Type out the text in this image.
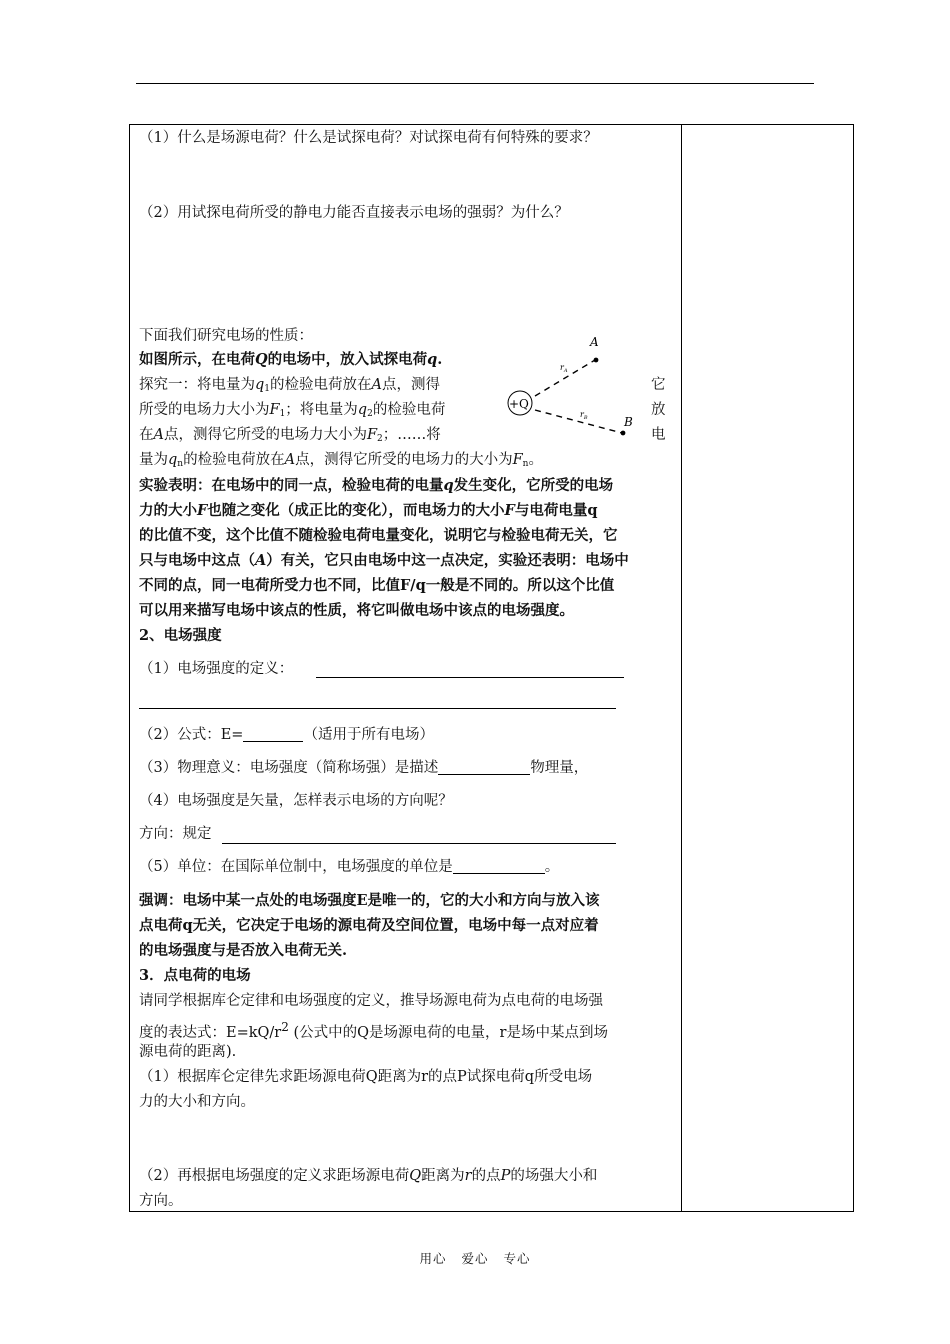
（1）什么是场源电荷？什么是试探电荷？对试探电荷有何特殊的要求？
（2）用试探电荷所受的静电力能否直接表示电场的强弱？为什么？
下面我们研究电场的性质：
如图所示，在电荷Q的电场中，放入试探电荷q.
探究一：将电量为$q_1$的检验电荷放在A点，测得
所受的电场力大小为$F_1$；将电量为$q_2$的检验电荷
在A点，测得它所受的电场力大小为$F_2$；……将
量为$q_n$的检验电荷放在A点，测得它所受的电场力的大小为$F_n$。
它
放
电
+Q
A
$r_A$
B
$r_B$
实验表明：在电场中的同一点，检验电荷的电量q发生变化，它所受的电场
力的大小F也随之变化（成正比的变化），而电场力的大小F与电荷电量q
的比值不变，这个比值不随检验电荷电量变化，说明它与检验电荷无关，它
只与电场中这点（A）有关，它只由电场中这一点决定，实验还表明：电场中
不同的点，同一电荷所受力也不同，比值F/q一般是不同的。所以这个比值
可以用来描写电场中该点的性质，将它叫做电场中该点的电场强度。
2、电场强度
（1）电场强度的定义：
（2）公式：E=	（适用于所有电场）
（3）物理意义：电场强度（简称场强）是描述	物理量，
（4）电场强度是矢量，怎样表示电场的方向呢？
方向：规定
（5）单位：在国际单位制中，电场强度的单位是	。
强调：电场中某一点处的电场强度E是唯一的，它的大小和方向与放入该
点电荷q无关，它决定于电场的源电荷及空间位置，电场中每一点对应着
的电场强度与是否放入电荷无关.
3．点电荷的电场
请同学根据库仑定律和电场强度的定义，推导场源电荷为点电荷的电场强
度的表达式：$E=kQ/r^2$ (公式中的Q是场源电荷的电量，r是场中某点到场
源电荷的距离).
（1）根据库仑定律先求距场源电荷Q距离为r的点P试探电荷q所受电场
力的大小和方向。
（2）再根据电场强度的定义求距场源电荷Q距离为r的点P的场强大小和
方向。
用心 爱心 专心
